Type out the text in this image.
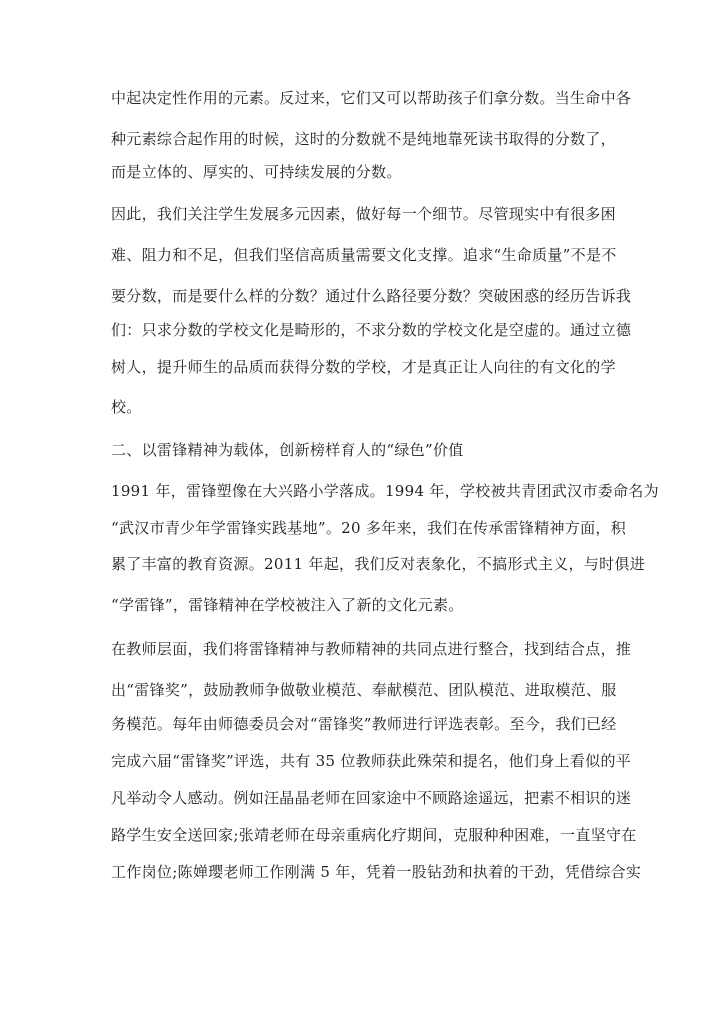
中起决定性作用的元素。反过来，它们又可以帮助孩子们拿分数。当生命中各
种元素综合起作用的时候，这时的分数就不是纯地靠死读书取得的分数了，
而是立体的、厚实的、可持续发展的分数。
因此，我们关注学生发展多元因素，做好每一个细节。尽管现实中有很多困
难、阻力和不足，但我们坚信高质量需要文化支撑。追求“生命质量”不是不
要分数，而是要什么样的分数？通过什么路径要分数？突破困惑的经历告诉我
们：只求分数的学校文化是畸形的，不求分数的学校文化是空虚的。通过立德
树人，提升师生的品质而获得分数的学校，才是真正让人向往的有文化的学
校。
二、以雷锋精神为载体，创新榜样育人的“绿色”价值
1991 年，雷锋塑像在大兴路小学落成。1994 年，学校被共青团武汉市委命名为
“武汉市青少年学雷锋实践基地”。20 多年来，我们在传承雷锋精神方面，积
累了丰富的教育资源。2011 年起，我们反对表象化，不搞形式主义，与时俱进
“学雷锋”，雷锋精神在学校被注入了新的文化元素。
在教师层面，我们将雷锋精神与教师精神的共同点进行整合，找到结合点，推
出“雷锋奖”，鼓励教师争做敬业模范、奉献模范、团队模范、进取模范、服
务模范。每年由师德委员会对“雷锋奖”教师进行评选表彰。至今，我们已经
完成六届“雷锋奖”评选，共有 35 位教师获此殊荣和提名，他们身上看似的平
凡举动令人感动。例如汪晶晶老师在回家途中不顾路途遥远，把素不相识的迷
路学生安全送回家;张靖老师在母亲重病化疗期间，克服种种困难，一直坚守在
工作岗位;陈婵璎老师工作刚满 5 年，凭着一股钻劲和执着的干劲，凭借综合实
